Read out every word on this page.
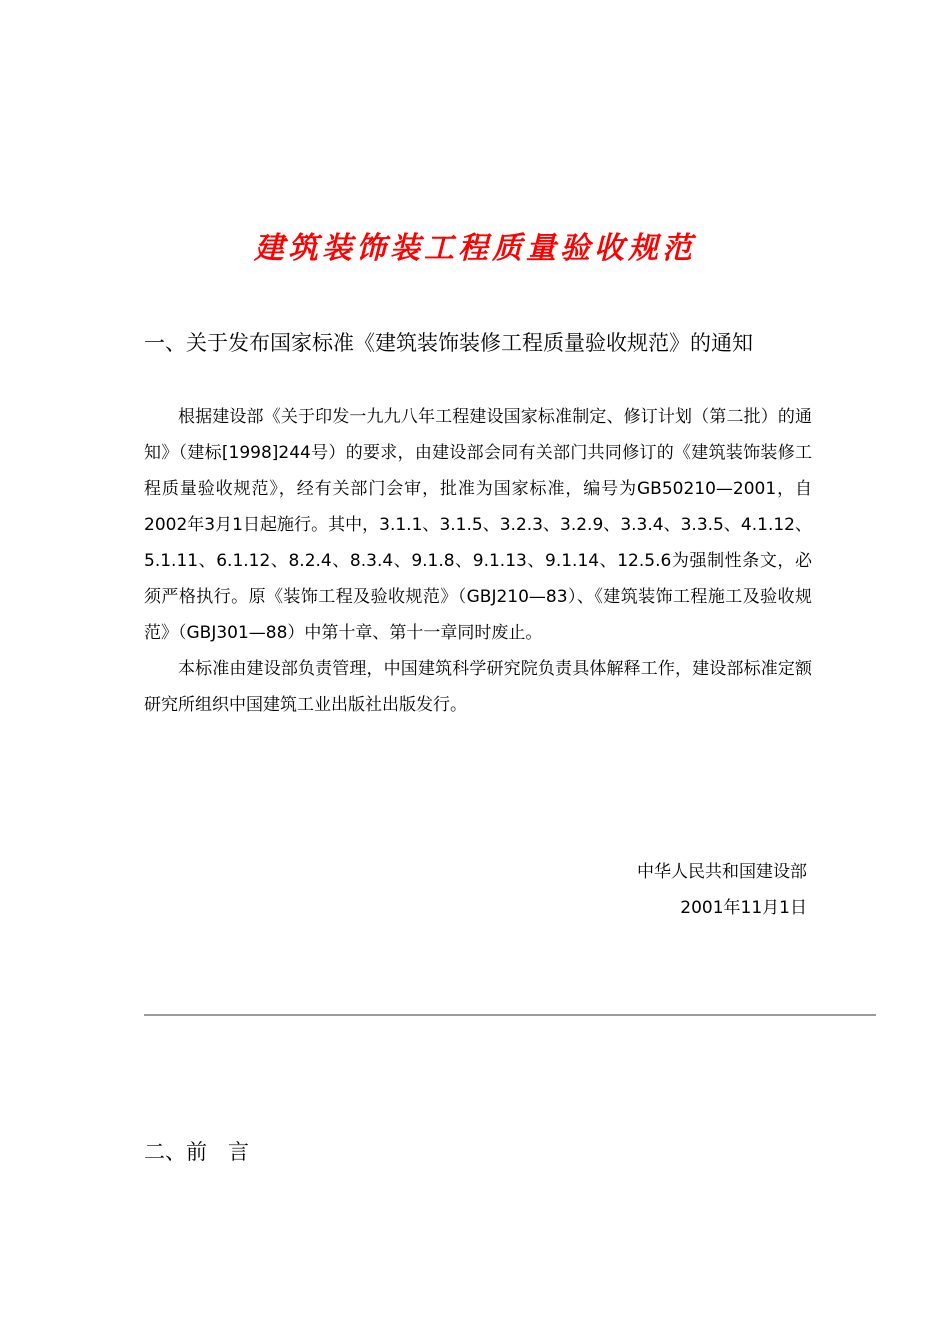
建筑装饰装工程质量验收规范
一、关于发布国家标准《建筑装饰装修工程质量验收规范》的通知

根据建设部《关于印发一九九八年工程建设国家标准制定、修订计划（第二批）的通知》（建标[1998]244号）的要求，由建设部会同有关部门共同修订的《建筑装饰装修工程质量验收规范》，经有关部门会审，批准为国家标准，编号为GB50210—2001，自2002年3月1日起施行。其中，3.1.1、3.1.5、3.2.3、3.2.9、3.3.4、3.3.5、4.1.12、5.1.11、6.1.12、8.2.4、8.3.4、9.1.8、9.1.13、9.1.14、12.5.6为强制性条文，必须严格执行。原《装饰工程及验收规范》（GBJ210—83）、《建筑装饰工程施工及验收规范》（GBJ301—88）中第十章、第十一章同时废止。

本标准由建设部负责管理，中国建筑科学研究院负责具体解释工作，建设部标准定额研究所组织中国建筑工业出版社出版发行。

中华人民共和国建设部
2001年11月1日
二、前　言
